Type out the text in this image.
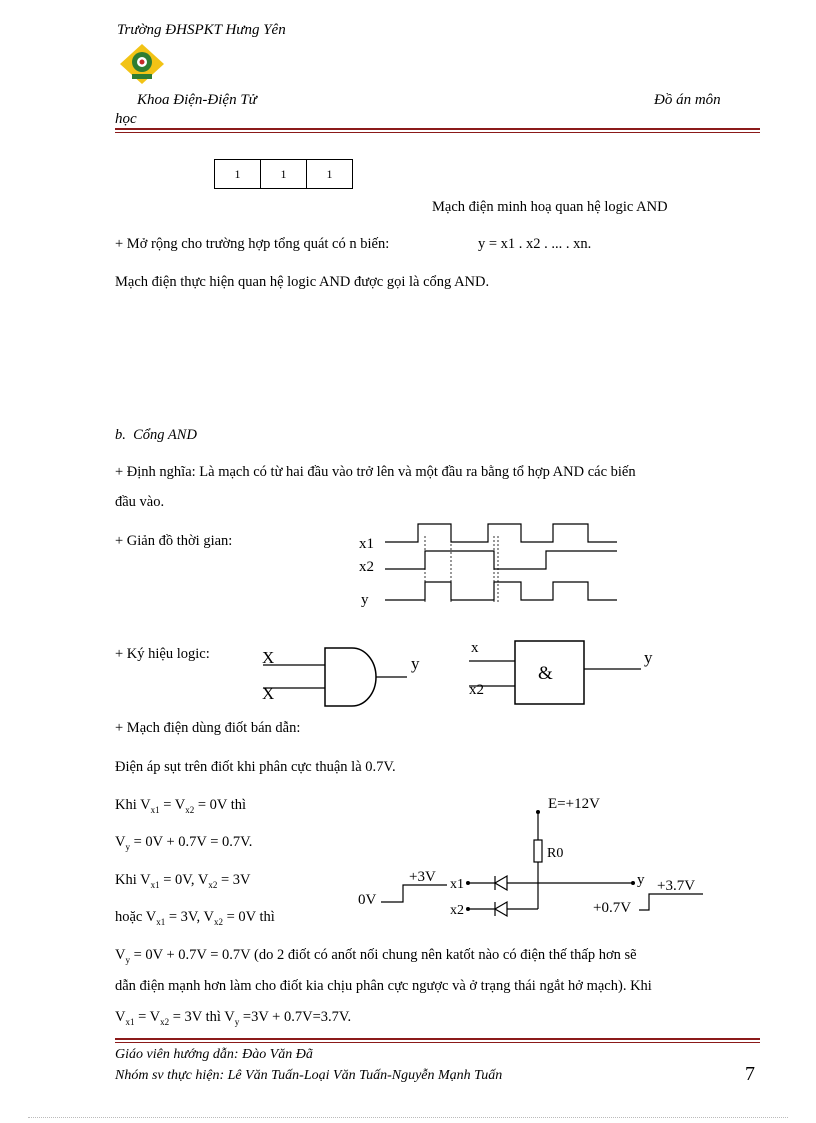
Trường ĐHSPKT Hưng Yên
Khoa Điện-Điện Tử	Đồ án môn
học
1	1	1
Mạch điện minh hoạ quan hệ logic AND
+ Mở rộng cho trường hợp tổng quát có n biến:	y = x1 . x2 . ... . xn.
Mạch điện thực hiện quan hệ logic AND được gọi là cổng AND.
b. Cổng AND
+ Định nghĩa: Là mạch có từ hai đầu vào trở lên và một đầu ra bằng tổ hợp AND các biến
đầu vào.
+ Giản đồ thời gian:	x1
x2
y
+ Ký hiệu logic:	X
X
y
x
x2
&
y
+ Mạch điện dùng điốt bán dẫn:
Điện áp sụt trên điốt khi phân cực thuận là 0.7V.
Khi $V_{x1} = V_{x2} = 0V$ thì
$V_y = 0V + 0.7V = 0.7V$.
Khi $V_{x1} = 0V$, $V_{x2} = 3V$
hoặc $V_{x1} = 3V$, $V_{x2} = 0V$ thì
$V_y = 0V + 0.7V = 0.7V$ (do 2 điốt có anốt nối chung nên katốt nào có điện thế thấp hơn sẽ
dẫn điện mạnh hơn làm cho điốt kia chịu phân cực ngược và ở trạng thái ngắt hở mạch). Khi
$V_{x1} = V_{x2} = 3V$ thì $V_y =3V + 0.7V=3.7V$.
E=+12V
R0
y
x1
x2
0V
+3V
+0.7V
+3.7V
Giáo viên hướng dẫn: Đào Văn Đã
Nhóm sv thực hiện: Lê Văn Tuấn-Loại Văn Tuấn-Nguyễn Mạnh Tuấn	7
